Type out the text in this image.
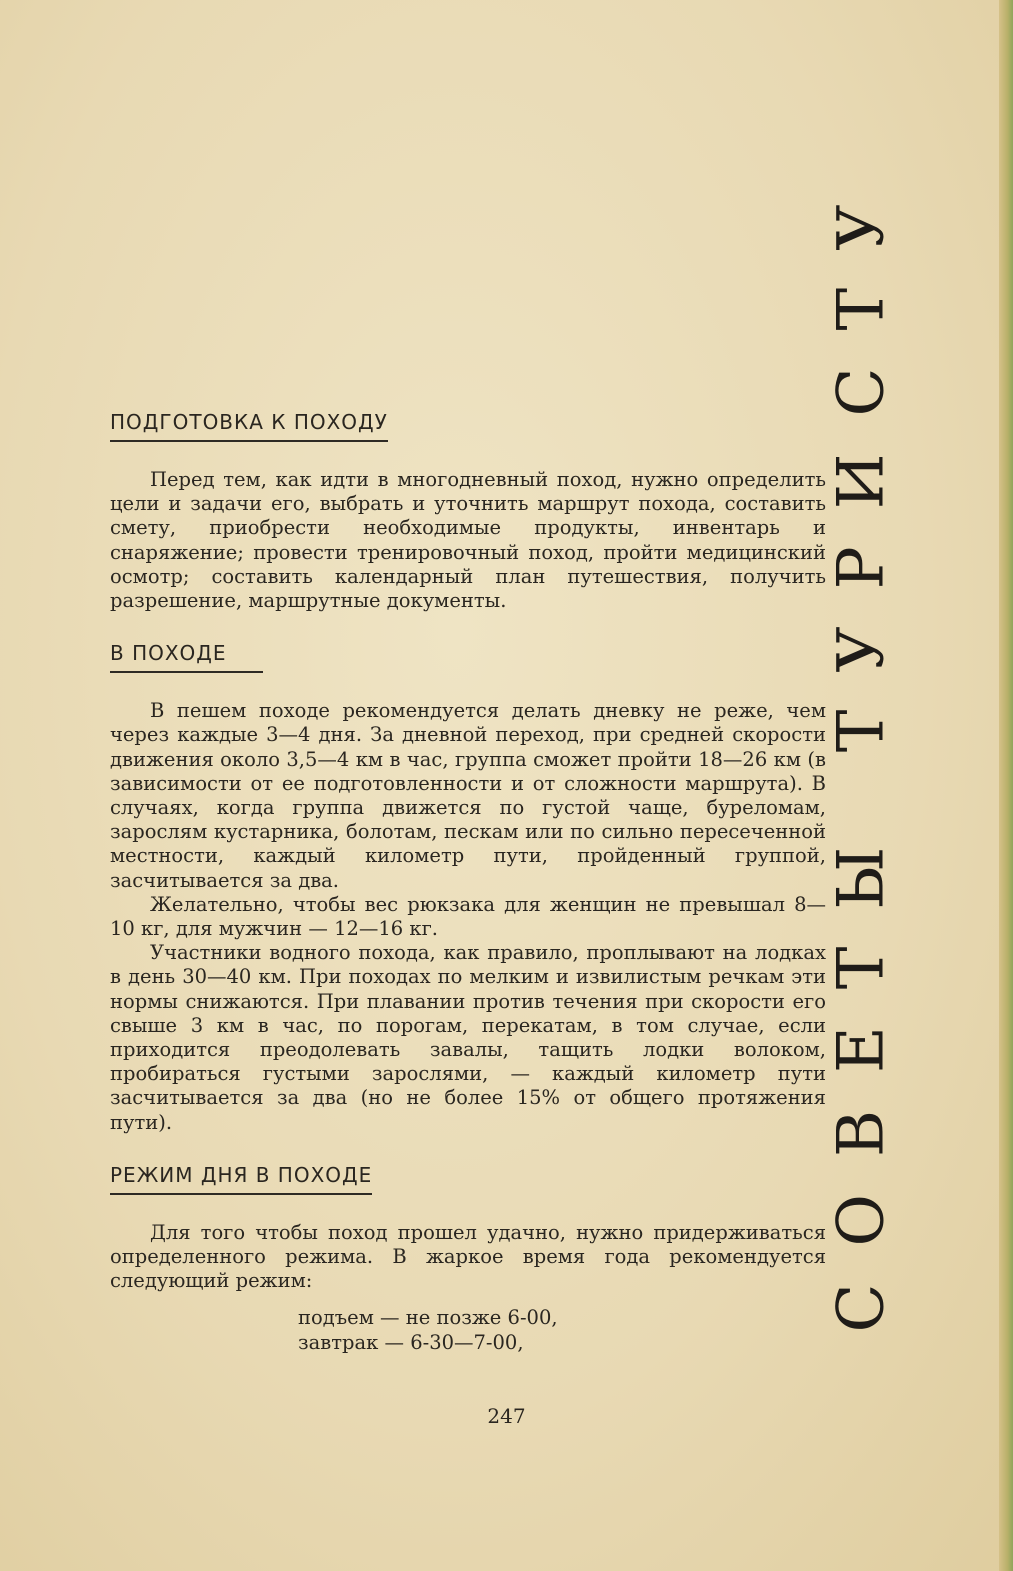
ПОДГОТОВКА К ПОХОДУ

Перед тем, как идти в многодневный поход, нужно определить цели и задачи его, выбрать и уточнить маршрут похода, составить смету, приобрести необходимые продукты, инвентарь и снаряжение; провести тренировочный поход, пройти медицинский осмотр; составить календарный план путешествия, получить разрешение, маршрутные документы.

В ПОХОДЕ

В пешем походе рекомендуется делать дневку не реже, чем через каждые 3—4 дня. За дневной переход, при средней скорости движения около 3,5—4 км в час, группа сможет пройти 18—26 км (в зависимости от ее подготовленности и от сложности маршрута). В случаях, когда группа движется по густой чаще, буреломам, зарослям кустарника, болотам, пескам или по сильно пересеченной местности, каждый километр пути, пройденный группой, засчитывается за два.

Желательно, чтобы вес рюкзака для женщин не превышал 8—10 кг, для мужчин — 12—16 кг.

Участники водного похода, как правило, проплывают на лодках в день 30—40 км. При походах по мелким и извилистым речкам эти нормы снижаются. При плавании против течения при скорости его свыше 3 км в час, по порогам, перекатам, в том случае, если приходится преодолевать завалы, тащить лодки волоком, пробираться густыми зарослями, — каждый километр пути засчитывается за два (но не более 15% от общего протяжения пути).

РЕЖИМ ДНЯ В ПОХОДЕ

Для того чтобы поход прошел удачно, нужно придерживаться определенного режима. В жаркое время года рекомендуется следующий режим:

подъем — не позже 6-00,
завтрак — 6-30—7-00,
247
СОВЕТЫ ТУРИСТУ
